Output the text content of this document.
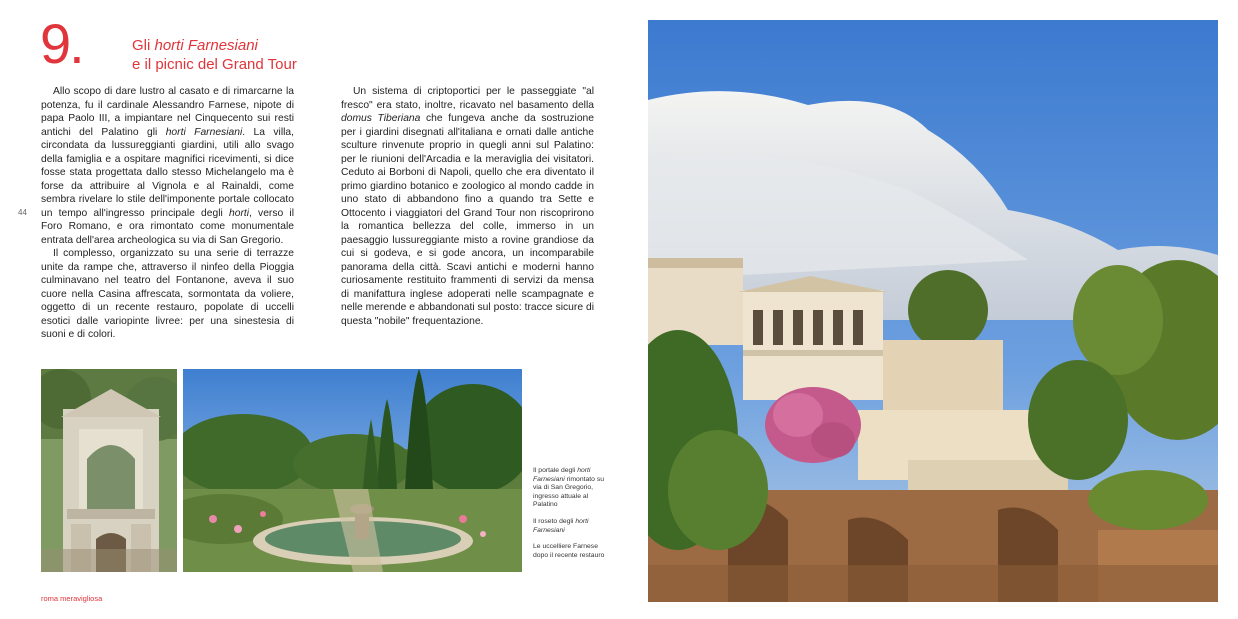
9.	Gli horti Farnesiani
e il picnic del Grand Tour
44

Allo scopo di dare lustro al casato e di rimarcarne la potenza, fu il cardinale Alessandro Farnese, nipote di papa Paolo III, a impiantare nel Cinquecento sui resti antichi del Palatino gli horti Farnesiani. La villa, circondata da lussureggianti giardini, utili allo svago della famiglia e a ospitare magnifici ricevimenti, si dice fosse stata progettata dallo stesso Michelangelo ma è forse da attribuire al Vignola e al Rainaldi, come sembra rivelare lo stile dell'imponente portale collocato un tempo all'ingresso principale degli horti, verso il Foro Romano, e ora rimontato come monumentale entrata dell'area archeologica su via di San Gregorio.

Il complesso, organizzato su una serie di terrazze unite da rampe che, attraverso il ninfeo della Pioggia culminavano nel teatro del Fontanone, aveva il suo cuore nella Casina affrescata, sormontata da voliere, oggetto di un recente restauro, popolate di uccelli esotici dalle variopinte livree: per una sinestesia di suoni e di colori.

Un sistema di criptoportici per le passeggiate "al fresco" era stato, inoltre, ricavato nel basamento della domus Tiberiana che fungeva anche da sostruzione per i giardini disegnati all'italiana e ornati dalle antiche sculture rinvenute proprio in quegli anni sul Palatino: per le riunioni dell'Arcadia e la meraviglia dei visitatori. Ceduto ai Borboni di Napoli, quello che era diventato il primo giardino botanico e zoologico al mondo cadde in uno stato di abbandono fino a quando tra Sette e Ottocento i viaggiatori del Grand Tour non riscoprirono la romantica bellezza del colle, immerso in un paesaggio lussureggiante misto a rovine grandiose da cui si godeva, e si gode ancora, un incomparabile panorama della città. Scavi antichi e moderni hanno curiosamente restituito frammenti di servizi da mensa di manifattura inglese adoperati nelle scampagnate e nelle merende e abbandonati sul posto: tracce sicure di questa "nobile" frequentazione.

Il portale degli horti Farnesiani rimontato su via di San Gregorio, ingresso attuale al Palatino

Il roseto degli horti Farnesiani

Le uccelliere Farnese dopo il recente restauro

roma meravigliosa
